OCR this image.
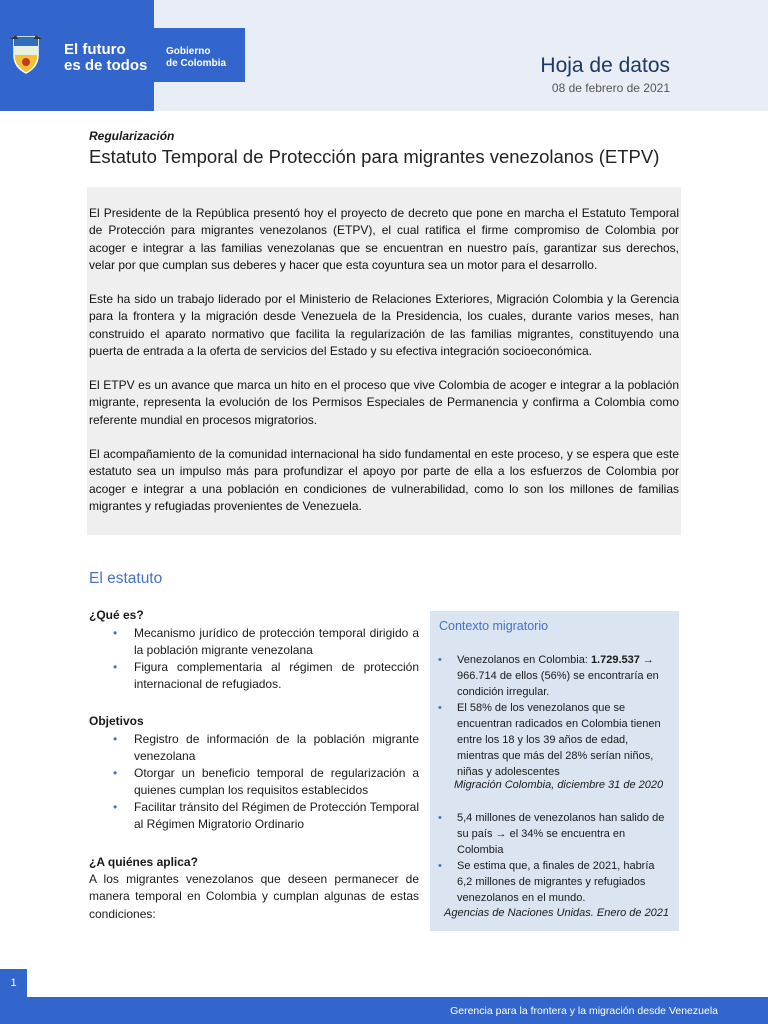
El futuro
es de todos
Gobierno
de Colombia	Hoja de datos
08 de febrero de 2021
Regularización
Estatuto Temporal de Protección para migrantes venezolanos (ETPV)

El Presidente de la República presentó hoy el proyecto de decreto que pone en marcha el Estatuto Temporal de Protección para migrantes venezolanos (ETPV), el cual ratifica el firme compromiso de Colombia por acoger e integrar a las familias venezolanas que se encuentran en nuestro país, garantizar sus derechos, velar por que cumplan sus deberes y hacer que esta coyuntura sea un motor para el desarrollo.

Este ha sido un trabajo liderado por el Ministerio de Relaciones Exteriores, Migración Colombia y la Gerencia para la frontera y la migración desde Venezuela de la Presidencia, los cuales, durante varios meses, han construido el aparato normativo que facilita la regularización de las familias migrantes, constituyendo una puerta de entrada a la oferta de servicios del Estado y su efectiva integración socioeconómica.

El ETPV es un avance que marca un hito en el proceso que vive Colombia de acoger e integrar a la población migrante, representa la evolución de los Permisos Especiales de Permanencia y confirma a Colombia como referente mundial en procesos migratorios.

El acompañamiento de la comunidad internacional ha sido fundamental en este proceso, y se espera que este estatuto sea un impulso más para profundizar el apoyo por parte de ella a los esfuerzos de Colombia por acoger e integrar a una población en condiciones de vulnerabilidad, como lo son los millones de familias migrantes y refugiadas provenientes de Venezuela.

El estatuto
¿Qué es?
• Mecanismo jurídico de protección temporal dirigido a la población migrante venezolana
• Figura complementaria al régimen de protección internacional de refugiados.
Objetivos
• Registro de información de la población migrante venezolana
• Otorgar un beneficio temporal de regularización a quienes cumplan los requisitos establecidos
• Facilitar tránsito del Régimen de Protección Temporal al Régimen Migratorio Ordinario
¿A quiénes aplica?
A los migrantes venezolanos que deseen permanecer de manera temporal en Colombia y cumplan algunas de estas condiciones:
Contexto migratorio
• Venezolanos en Colombia: 1.729.537 → 966.714 de ellos (56%) se encontraría en condición irregular.
• El 58% de los venezolanos que se encuentran radicados en Colombia tienen entre los 18 y los 39 años de edad, mientras que más del 28% serían niños, niñas y adolescentes
Migración Colombia, diciembre 31 de 2020
• 5,4 millones de venezolanos han salido de su país → el 34% se encuentra en Colombia
• Se estima que, a finales de 2021, habría 6,2 millones de migrantes y refugiados venezolanos en el mundo.
Agencias de Naciones Unidas. Enero de 2021
1
Gerencia para la frontera y la migración desde Venezuela
